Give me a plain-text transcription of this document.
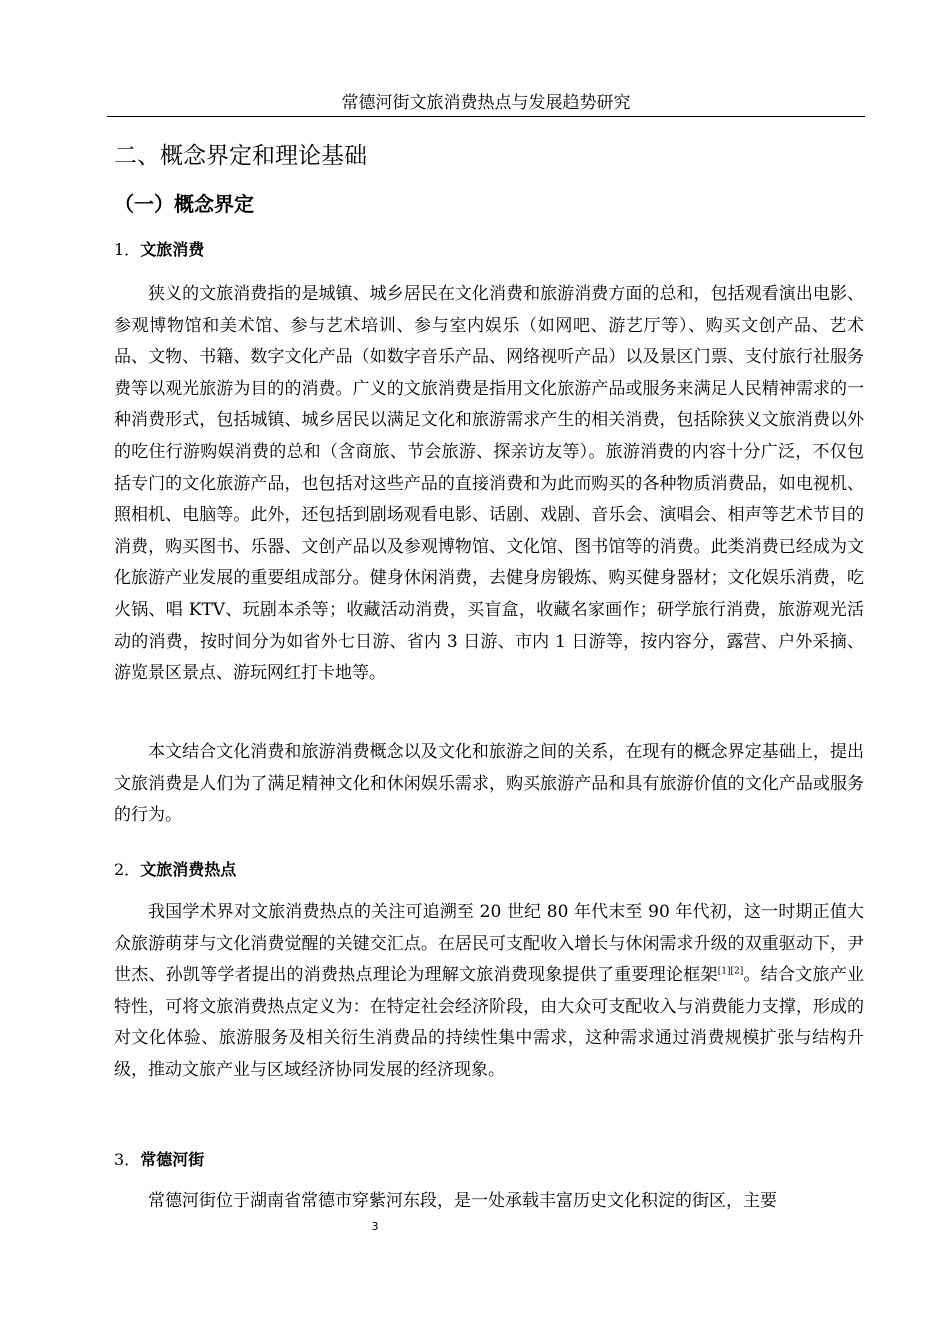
常德河街文旅消费热点与发展趋势研究
二、概念界定和理论基础
（一）概念界定
1．文旅消费

狭义的文旅消费指的是城镇、城乡居民在文化消费和旅游消费方面的总和，包括观看演出电影、参观博物馆和美术馆、参与艺术培训、参与室内娱乐（如网吧、游艺厅等）、购买文创产品、艺术品、文物、书籍、数字文化产品（如数字音乐产品、网络视听产品）以及景区门票、支付旅行社服务费等以观光旅游为目的的消费。广义的文旅消费是指用文化旅游产品或服务来满足人民精神需求的一种消费形式，包括城镇、城乡居民以满足文化和旅游需求产生的相关消费，包括除狭义文旅消费以外的吃住行游购娱消费的总和（含商旅、节会旅游、探亲访友等）。旅游消费的内容十分广泛，不仅包括专门的文化旅游产品，也包括对这些产品的直接消费和为此而购买的各种物质消费品，如电视机、照相机、电脑等。此外，还包括到剧场观看电影、话剧、戏剧、音乐会、演唱会、相声等艺术节目的消费，购买图书、乐器、文创产品以及参观博物馆、文化馆、图书馆等的消费。此类消费已经成为文化旅游产业发展的重要组成部分。健身休闲消费，去健身房锻炼、购买健身器材；文化娱乐消费，吃火锅、唱 KTV、玩剧本杀等；收藏活动消费，买盲盒，收藏名家画作；研学旅行消费，旅游观光活动的消费，按时间分为如省外七日游、省内 3 日游、市内 1 日游等，按内容分，露营、户外采摘、游览景区景点、游玩网红打卡地等。

本文结合文化消费和旅游消费概念以及文化和旅游之间的关系，在现有的概念界定基础上，提出文旅消费是人们为了满足精神文化和休闲娱乐需求，购买旅游产品和具有旅游价值的文化产品或服务的行为。

2．文旅消费热点

我国学术界对文旅消费热点的关注可追溯至 20 世纪 80 年代末至 90 年代初，这一时期正值大众旅游萌芽与文化消费觉醒的关键交汇点。在居民可支配收入增长与休闲需求升级的双重驱动下，尹世杰、孙凯等学者提出的消费热点理论为理解文旅消费现象提供了重要理论框架[1][2]。结合文旅产业特性，可将文旅消费热点定义为：在特定社会经济阶段，由大众可支配收入与消费能力支撑，形成的对文化体验、旅游服务及相关衍生消费品的持续性集中需求，这种需求通过消费规模扩张与结构升级，推动文旅产业与区域经济协同发展的经济现象。

3．常德河街

常德河街位于湖南省常德市穿紫河东段，是一处承载丰富历史文化积淀的街区，主要

3
